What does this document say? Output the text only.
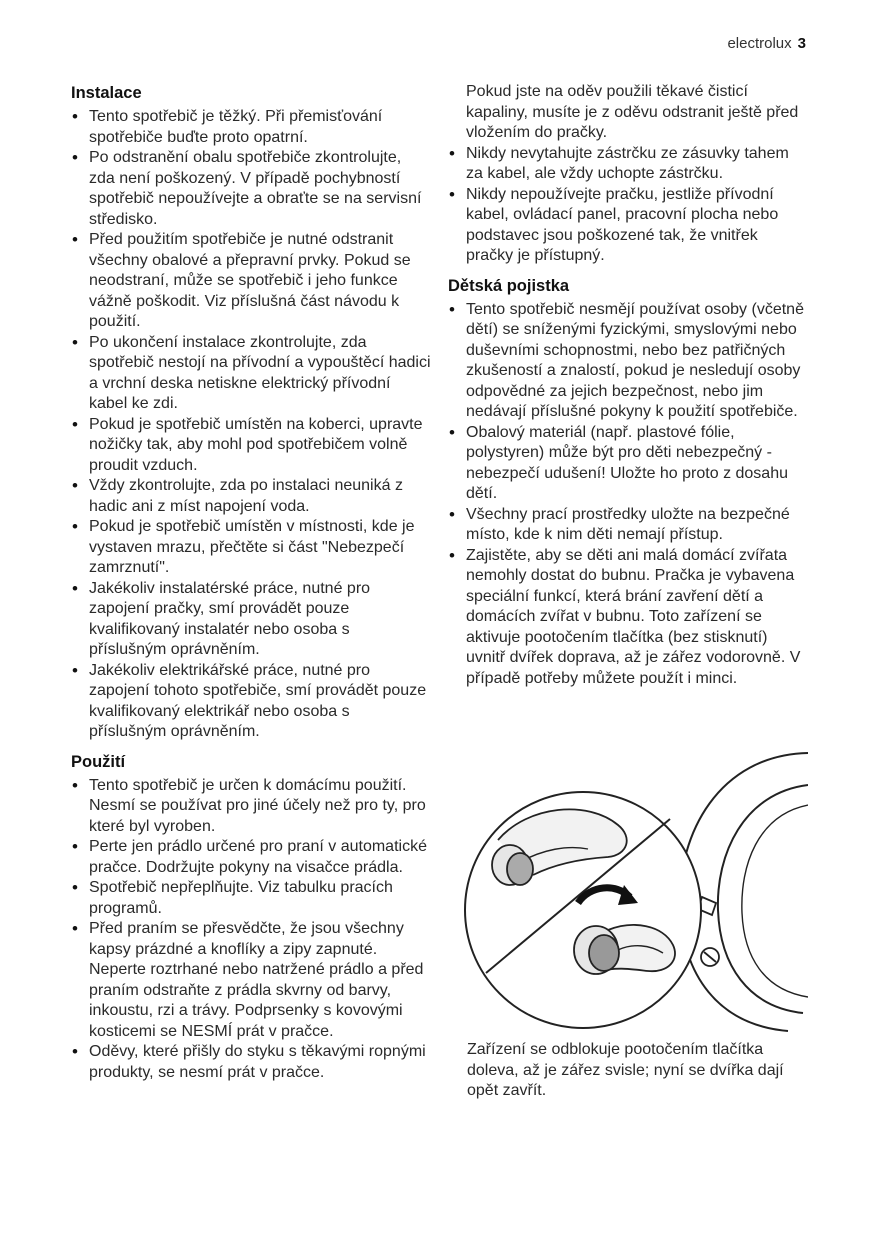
electrolux 3
Instalace
• Tento spotřebič je těžký. Při přemisťování spotřebiče buďte proto opatrní.
• Po odstranění obalu spotřebiče zkontrolujte, zda není poškozený. V případě pochybností spotřebič nepoužívejte a obraťte se na servisní středisko.
• Před použitím spotřebiče je nutné odstranit všechny obalové a přepravní prvky. Pokud se neodstraní, může se spotřebič i jeho funkce vážně poškodit. Viz příslušná část návodu k použití.
• Po ukončení instalace zkontrolujte, zda spotřebič nestojí na přívodní a vypouštěcí hadici a vrchní deska netiskne elektrický přívodní kabel ke zdi.
• Pokud je spotřebič umístěn na koberci, upravte nožičky tak, aby mohl pod spotřebičem volně proudit vzduch.
• Vždy zkontrolujte, zda po instalaci neuniká z hadic ani z míst napojení voda.
• Pokud je spotřebič umístěn v místnosti, kde je vystaven mrazu, přečtěte si část "Nebezpečí zamrznutí".
• Jakékoliv instalatérské práce, nutné pro zapojení pračky, smí provádět pouze kvalifikovaný instalatér nebo osoba s příslušným oprávněním.
• Jakékoliv elektrikářské práce, nutné pro zapojení tohoto spotřebiče, smí provádět pouze kvalifikovaný elektrikář nebo osoba s příslušným oprávněním.
Použití
• Tento spotřebič je určen k domácímu použití. Nesmí se používat pro jiné účely než pro ty, pro které byl vyroben.
• Perte jen prádlo určené pro praní v automatické pračce. Dodržujte pokyny na visačce prádla.
• Spotřebič nepřeplňujte. Viz tabulku pracích programů.
• Před praním se přesvědčte, že jsou všechny kapsy prázdné a knoflíky a zipy zapnuté. Neperte roztrhané nebo natržené prádlo a před praním odstraňte z prádla skvrny od barvy, inkoustu, rzi a trávy. Podprsenky s kovovými kosticemi se NESMÍ prát v pračce.
• Oděvy, které přišly do styku s těkavými ropnými produkty, se nesmí prát v pračce.

Pokud jste na oděv použili těkavé čisticí kapaliny, musíte je z oděvu odstranit ještě před vložením do pračky.

• Nikdy nevytahujte zástrčku ze zásuvky tahem za kabel, ale vždy uchopte zástrčku.
• Nikdy nepoužívejte pračku, jestliže přívodní kabel, ovládací panel, pracovní plocha nebo podstavec jsou poškozené tak, že vnitřek pračky je přístupný.
Dětská pojistka
• Tento spotřebič nesmějí používat osoby (včetně dětí) se sníženými fyzickými, smyslovými nebo duševními schopnostmi, nebo bez patřičných zkušeností a znalostí, pokud je nesledují osoby odpovědné za jejich bezpečnost, nebo jim nedávají příslušné pokyny k použití spotřebiče.
• Obalový materiál (např. plastové fólie, polystyren) může být pro děti nebezpečný - nebezpečí udušení! Uložte ho proto z dosahu dětí.
• Všechny prací prostředky uložte na bezpečné místo, kde k nim děti nemají přístup.
• Zajistěte, aby se děti ani malá domácí zvířata nemohly dostat do bubnu. Pračka je vybavena speciální funkcí, která brání zavření dětí a domácích zvířat v bubnu. Toto zařízení se aktivuje pootočením tlačítka (bez stisknutí) uvnitř dvířek doprava, až je zářez vodorovně. V případě potřeby můžete použít i minci.
Zařízení se odblokuje pootočením tlačítka doleva, až je zářez svisle; nyní se dvířka dají opět zavřít.
